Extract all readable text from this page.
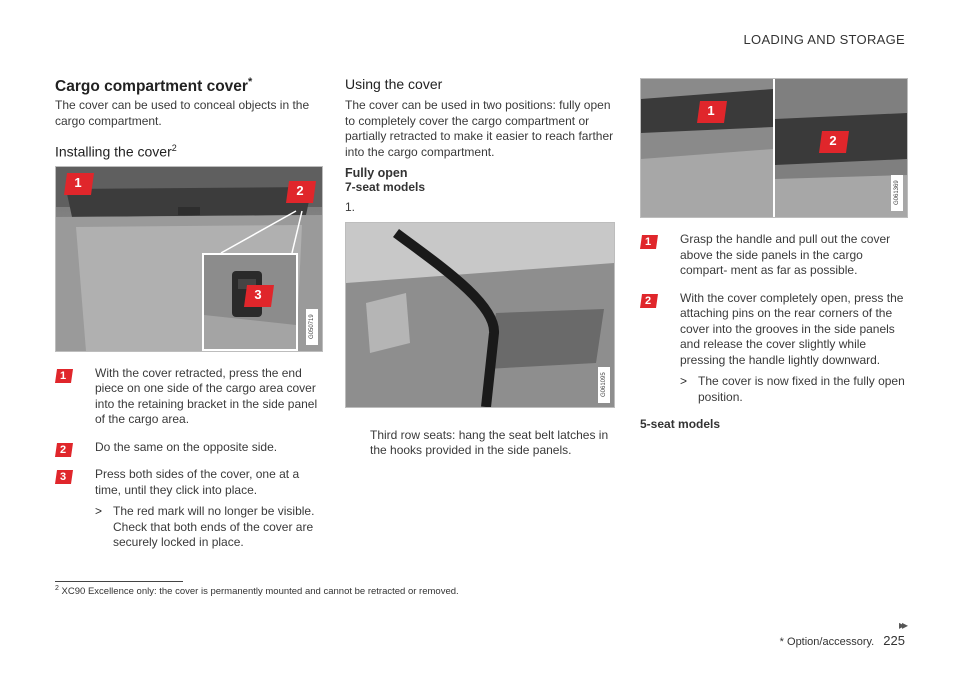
LOADING AND STORAGE
Cargo compartment cover*

The cover can be used to conceal objects in the cargo compartment.

Installing the cover$^2$
1
2
3
G050719
1	With the cover retracted, press the end piece on one side of the cargo area cover into the retaining bracket in the side panel of the cargo area.

2	Do the same on the opposite side.

3	Press both sides of the cover, one at a time, until they click into place.

> The red mark will no longer be visible. Check that both ends of the cover are securely locked in place.

Using the cover

The cover can be used in two positions: fully open to completely cover the cargo compartment or partially retracted to make it easier to reach farther into the cargo compartment.

Fully open
7-seat models

1.

G061095

Third row seats: hang the seat belt latches in the hooks provided in the side panels.

1
2
G061369
1	Grasp the handle and pull out the cover above the side panels in the cargo compart- ment as far as possible.

2	With the cover completely open, press the attaching pins on the rear corners of the cover into the grooves in the side panels and release the cover slightly while pressing the handle lightly downward.

> The cover is now fixed in the fully open position.

5-seat models
$^2$ XC90 Excellence only: the cover is permanently mounted and cannot be retracted or removed.
▸▸
* Option/accessory. 225
